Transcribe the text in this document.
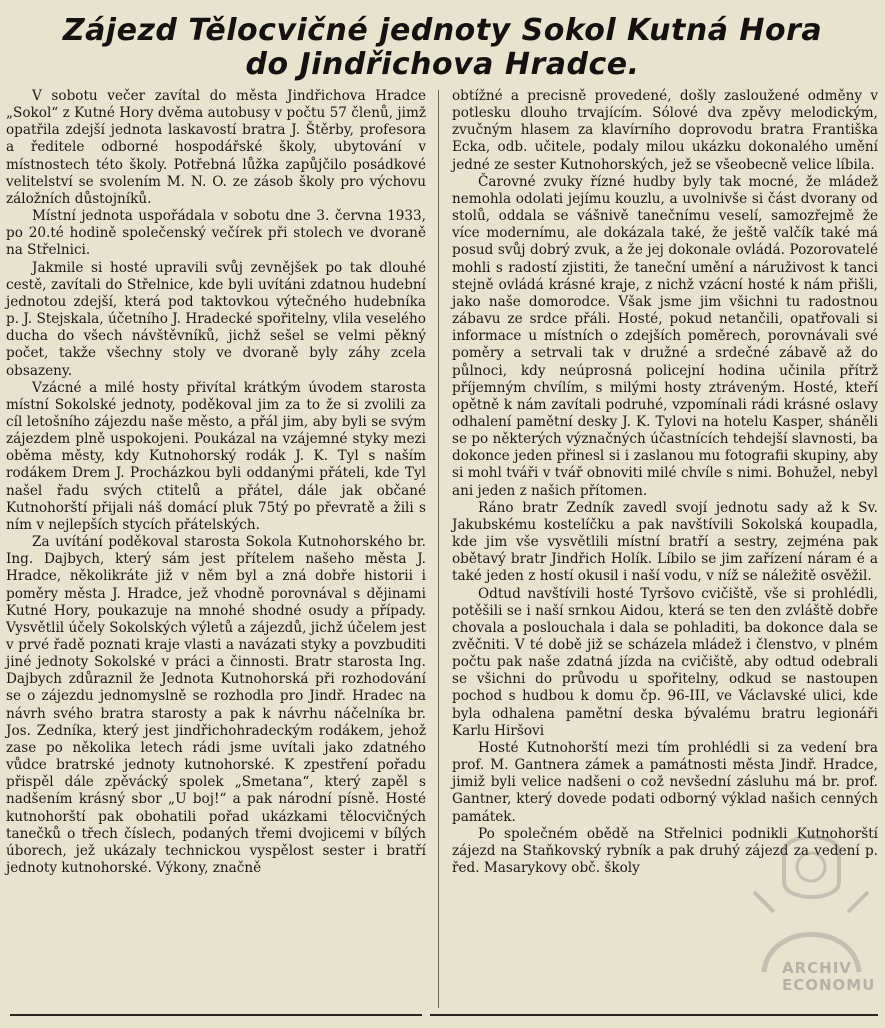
Zájezd Tělocvičné jednoty Sokol Kutná Hora
do Jindřichova Hradce.

V sobotu večer zavítal do města Jindřichova Hradce „Sokol“ z Kutné Hory dvěma autobusy v počtu 57 členů, jimž opatřila zdejší jednota laskavostí bratra J. Štěrby, profesora a ředitele odborné hospodářské školy, ubytování v místnostech této školy. Potřebná lůžka zapůjčilo posádkové velitelství se svolením M. N. O. ze zásob školy pro výchovu záložních důstojníků.

Místní jednota uspořádala v sobotu dne 3. června 1933, po 20.té hodině společenský večírek při stolech ve dvoraně na Střelnici.

Jakmile si hosté upravili svůj zevnějšek po tak dlouhé cestě, zavítali do Střelnice, kde byli uvítáni zdatnou hudební jednotou zdejší, která pod taktovkou výtečného hudebníka p. J. Stejskala, účetního J. Hradecké spořitelny, vlila veselého ducha do všech návštěvníků, jichž sešel se velmi pěkný počet, takže všechny stoly ve dvoraně byly záhy zcela obsazeny.

Vzácné a milé hosty přivítal krátkým úvodem starosta místní Sokolské jednoty, poděkoval jim za to že si zvolili za cíl letošního zájezdu naše město, a přál jim, aby byli se svým zájezdem plně uspokojeni. Poukázal na vzájemné styky mezi oběma městy, kdy Kutnohorský rodák J. K. Tyl s naším rodákem Drem J. Procházkou byli oddanými přáteli, kde Tyl našel řadu svých ctitelů a přátel, dále jak občané Kutnohorští přijali náš domácí pluk 75tý po převratě a žili s ním v nejlepších stycích přátelských.

Za uvítání poděkoval starosta Sokola Kutnohorského br. Ing. Dajbych, který sám jest přítelem našeho města J. Hradce, několikráte již v něm byl a zná dobře historii i poměry města J. Hradce, jež vhodně porovnával s dějinami Kutné Hory, poukazuje na mnohé shodné osudy a případy. Vysvětlil účely Sokolských výletů a zájezdů, jichž účelem jest v prvé řadě poznati kraje vlasti a navázati styky a povzbuditi jiné jednoty Sokolské v práci a činnosti. Bratr starosta Ing. Dajbych zdůraznil že Jednota Kutnohorská při rozhodování se o zájezdu jednomyslně se rozhodla pro Jindř. Hradec na návrh svého bratra starosty a pak k návrhu náčelníka br. Jos. Zedníka, který jest jindřichohradeckým rodákem, jehož zase po několika letech rádi jsme uvítali jako zdatného vůdce bratrské jednoty kutnohorské. K zpestření pořadu přispěl dále zpěvácký spolek „Smetana“, který zapěl s nadšením krásný sbor „U boj!“ a pak národní písně. Hosté kutnohorští pak obohatili pořad ukázkami tělocvičných tanečků o třech číslech, podaných třemi dvojicemi v bílých úborech, jež ukázaly technickou vyspělost sester i bratří jednoty kutnohorské. Výkony, značně

obtížné a precisně provedené, došly zasloužené odměny v potlesku dlouho trvajícím. Sólové dva zpěvy melodickým, zvučným hlasem za klavírního doprovodu bratra Františka Ecka, odb. učitele, podaly milou ukázku dokonalého umění jedné ze sester Kutnohorských, jež se všeobecně velice líbila.

Čarovné zvuky řízné hudby byly tak mocné, že mládež nemohla odolati jejímu kouzlu, a uvolnivše si část dvorany od stolů, oddala se vášnivě tanečnímu veselí, samozřejmě že více modernímu, ale dokázala také, že ještě valčík také má posud svůj dobrý zvuk, a že jej dokonale ovládá. Pozorovatelé mohli s radostí zjistiti, že taneční umění a náruživost k tanci stejně ovládá krásné kraje, z nichž vzácní hosté k nám přišli, jako naše domorodce. Však jsme jim všichni tu radostnou zábavu ze srdce přáli. Hosté, pokud netančili, opatřovali si informace u místních o zdejších poměrech, porovnávali své poměry a setrvali tak v družné a srdečné zábavě až do půlnoci, kdy neúprosná policejní hodina učinila přítrž příjemným chvílím, s milými hosty ztráveným. Hosté, kteří opětně k nám zavítali podruhé, vzpomínali rádi krásné oslavy odhalení pamětní desky J. K. Tylovi na hotelu Kasper, sháněli se po některých význačných účastnících tehdejší slavnosti, ba dokonce jeden přinesl si i zaslanou mu fotografii skupiny, aby si mohl tváři v tvář obnoviti milé chvíle s nimi. Bohužel, nebyl ani jeden z našich přítomen.

Ráno bratr Zedník zavedl svojí jednotu sady až k Sv. Jakubskému kostelíčku a pak navštívili Sokolská koupadla, kde jim vše vysvětlili místní bratří a sestry, zejména pak obětavý bratr Jindřich Holík. Líbilo se jim zařízení náram é a také jeden z hostí okusil i naší vodu, v níž se náležitě osvěžil.

Odtud navštívili hosté Tyršovo cvičiště, vše si prohlédli, potěšili se i naší srnkou Aidou, která se ten den zvláště dobře chovala a poslouchala i dala se pohladiti, ba dokonce dala se zvěčniti. V té době již se scházela mládež i členstvo, v plném počtu pak naše zdatná jízda na cvičiště, aby odtud odebrali se všichni do průvodu u spořitelny, odkud se nastoupen pochod s hudbou k domu čp. 96-III, ve Václavské ulici, kde byla odhalena pamětní deska bývalému bratru legionáři Karlu Hiršovi

Hosté Kutnohorští mezi tím prohlédli si za vedení bra prof. M. Gantnera zámek a památnosti města Jindř. Hradce, jimiž byli velice nadšeni o což nevšední zásluhu má br. prof. Gantner, který dovede podati odborný výklad našich cenných památek.

Po společném obědě na Střelnici podnikli Kutnohorští zájezd na Staňkovský rybník a pak druhý zájezd za vedení p. řed. Masarykovy obč. školy

ARCHIV ECONOMU
